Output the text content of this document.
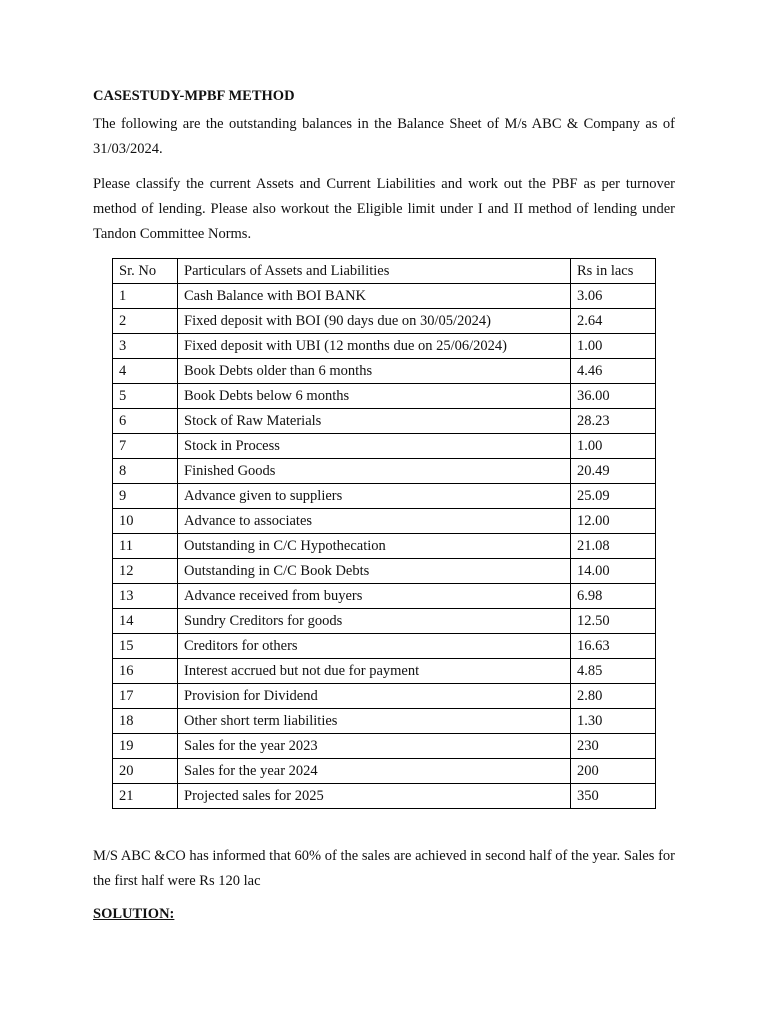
CASESTUDY-MPBF METHOD
The following are the outstanding balances in the Balance Sheet of M/s ABC & Company as of 31/03/2024.
Please classify the current Assets and Current Liabilities and work out the PBF as per turnover method of lending. Please also workout the Eligible limit under I and II method of lending under Tandon Committee Norms.
Sr. No	Particulars of Assets and Liabilities	Rs in lacs
1	Cash Balance with BOI BANK	3.06
2	Fixed deposit with BOI (90 days due on 30/05/2024)	2.64
3	Fixed deposit with UBI (12 months due on 25/06/2024)	1.00
4	Book Debts older than 6 months	4.46
5	Book Debts below 6 months	36.00
6	Stock of Raw Materials	28.23
7	Stock in Process	1.00
8	Finished Goods	20.49
9	Advance given to suppliers	25.09
10	Advance to associates	12.00
11	Outstanding in C/C Hypothecation	21.08
12	Outstanding in C/C Book Debts	14.00
13	Advance received from buyers	6.98
14	Sundry Creditors for goods	12.50
15	Creditors for others	16.63
16	Interest accrued but not due for payment	4.85
17	Provision for Dividend	2.80
18	Other short term liabilities	1.30
19	Sales for the year 2023	230
20	Sales for the year 2024	200
21	Projected sales for 2025	350
M/S ABC &CO has informed that 60% of the sales are achieved in second half of the year. Sales for the first half were Rs 120 lac
SOLUTION:
